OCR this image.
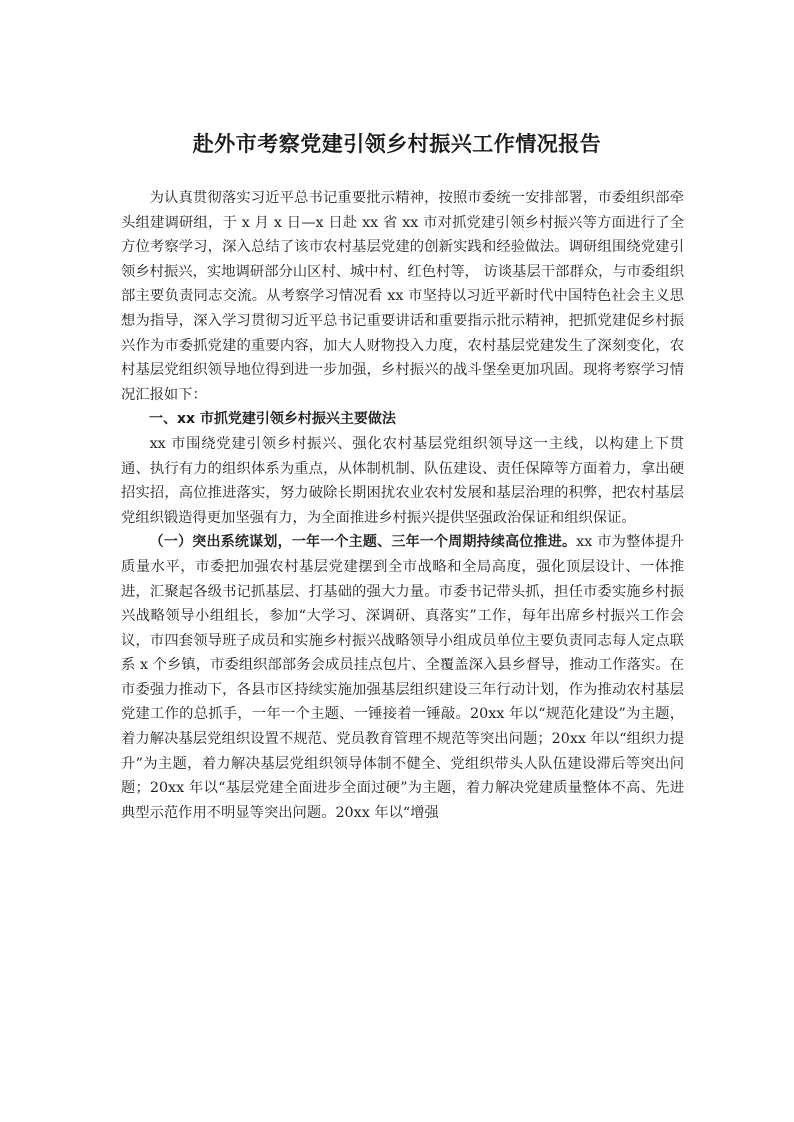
赴外市考察党建引领乡村振兴工作情况报告

为认真贯彻落实习近平总书记重要批示精神，按照市委统一安排部署，市委组织部牵头组建调研组，于 x 月 x 日—x 日赴 xx 省 xx 市对抓党建引领乡村振兴等方面进行了全方位考察学习，深入总结了该市农村基层党建的创新实践和经验做法。调研组围绕党建引领乡村振兴，实地调研部分山区村、城中村、红色村等， 访谈基层干部群众，与市委组织部主要负责同志交流。从考察学习情况看 xx 市坚持以习近平新时代中国特色社会主义思想为指导，深入学习贯彻习近平总书记重要讲话和重要指示批示精神，把抓党建促乡村振兴作为市委抓党建的重要内容，加大人财物投入力度，农村基层党建发生了深刻变化，农村基层党组织领导地位得到进一步加强，乡村振兴的战斗堡垒更加巩固。现将考察学习情况汇报如下：

一、xx 市抓党建引领乡村振兴主要做法

xx 市围绕党建引领乡村振兴、强化农村基层党组织领导这一主线，以构建上下贯通、执行有力的组织体系为重点，从体制机制、队伍建设、责任保障等方面着力，拿出硬招实招，高位推进落实，努力破除长期困扰农业农村发展和基层治理的积弊，把农村基层党组织锻造得更加坚强有力，为全面推进乡村振兴提供坚强政治保证和组织保证。

（一）突出系统谋划，一年一个主题、三年一个周期持续高位推进。xx 市为整体提升质量水平，市委把加强农村基层党建摆到全市战略和全局高度，强化顶层设计、一体推进，汇聚起各级书记抓基层、打基础的强大力量。市委书记带头抓，担任市委实施乡村振兴战略领导小组组长，参加“大学习、深调研、真落实”工作，每年出席乡村振兴工作会议，市四套领导班子成员和实施乡村振兴战略领导小组成员单位主要负责同志每人定点联系 x 个乡镇，市委组织部部务会成员挂点包片、全覆盖深入县乡督导，推动工作落实。在市委强力推动下，各县市区持续实施加强基层组织建设三年行动计划，作为推动农村基层党建工作的总抓手，一年一个主题、一锤接着一锤敲。20xx 年以“规范化建设”为主题，着力解决基层党组织设置不规范、党员教育管理不规范等突出问题；20xx 年以“组织力提升”为主题，着力解决基层党组织领导体制不健全、党组织带头人队伍建设滞后等突出问题；20xx 年以“基层党建全面进步全面过硬”为主题，着力解决党建质量整体不高、先进典型示范作用不明显等突出问题。20xx 年以“增强
